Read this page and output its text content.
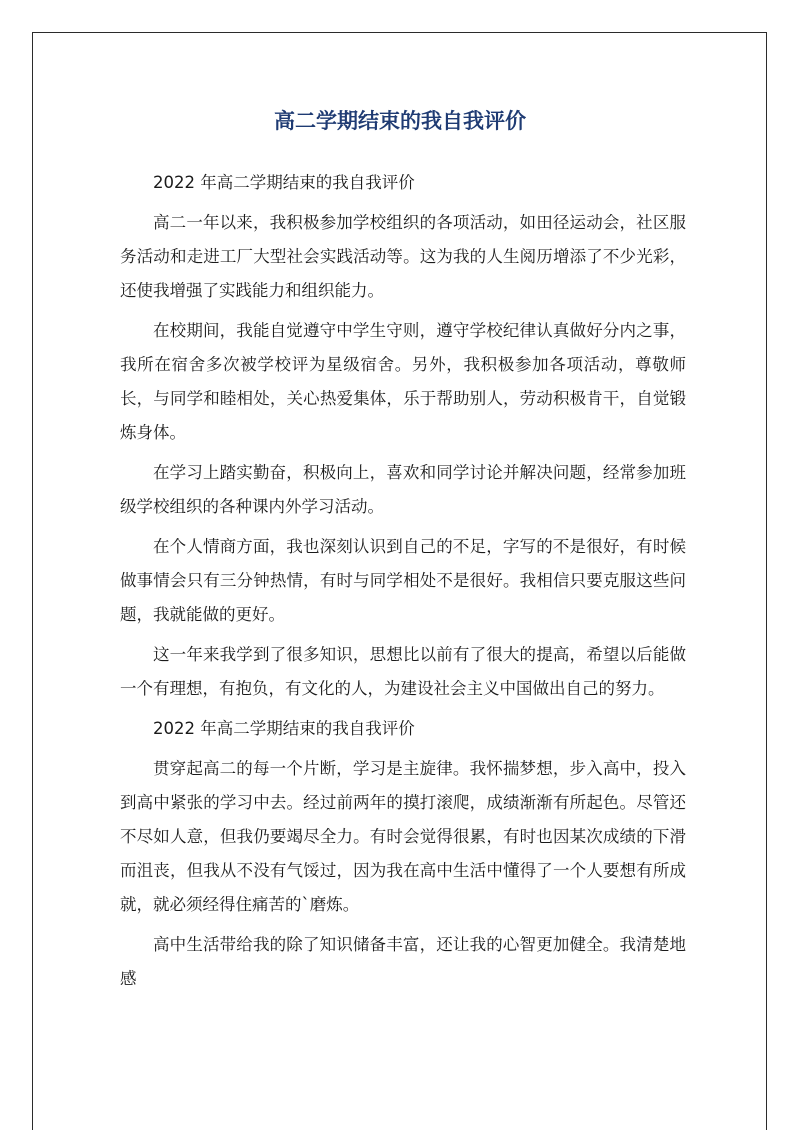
高二学期结束的我自我评价

2022 年高二学期结束的我自我评价

高二一年以来，我积极参加学校组织的各项活动，如田径运动会，社区服务活动和走进工厂大型社会实践活动等。这为我的人生阅历增添了不少光彩，还使我增强了实践能力和组织能力。

在校期间，我能自觉遵守中学生守则，遵守学校纪律认真做好分内之事，我所在宿舍多次被学校评为星级宿舍。另外，我积极参加各项活动，尊敬师长，与同学和睦相处，关心热爱集体，乐于帮助别人，劳动积极肯干，自觉锻炼身体。

在学习上踏实勤奋，积极向上，喜欢和同学讨论并解决问题，经常参加班级学校组织的各种课内外学习活动。

在个人情商方面，我也深刻认识到自己的不足，字写的不是很好，有时候做事情会只有三分钟热情，有时与同学相处不是很好。我相信只要克服这些问题，我就能做的更好。

这一年来我学到了很多知识，思想比以前有了很大的提高，希望以后能做一个有理想，有抱负，有文化的人，为建设社会主义中国做出自己的努力。

2022 年高二学期结束的我自我评价

贯穿起高二的每一个片断，学习是主旋律。我怀揣梦想，步入高中，投入到高中紧张的学习中去。经过前两年的摸打滚爬，成绩渐渐有所起色。尽管还不尽如人意，但我仍要竭尽全力。有时会觉得很累，有时也因某次成绩的下滑而沮丧，但我从不没有气馁过，因为我在高中生活中懂得了一个人要想有所成就，就必须经得住痛苦的`磨炼。

高中生活带给我的除了知识储备丰富，还让我的心智更加健全。我清楚地感
